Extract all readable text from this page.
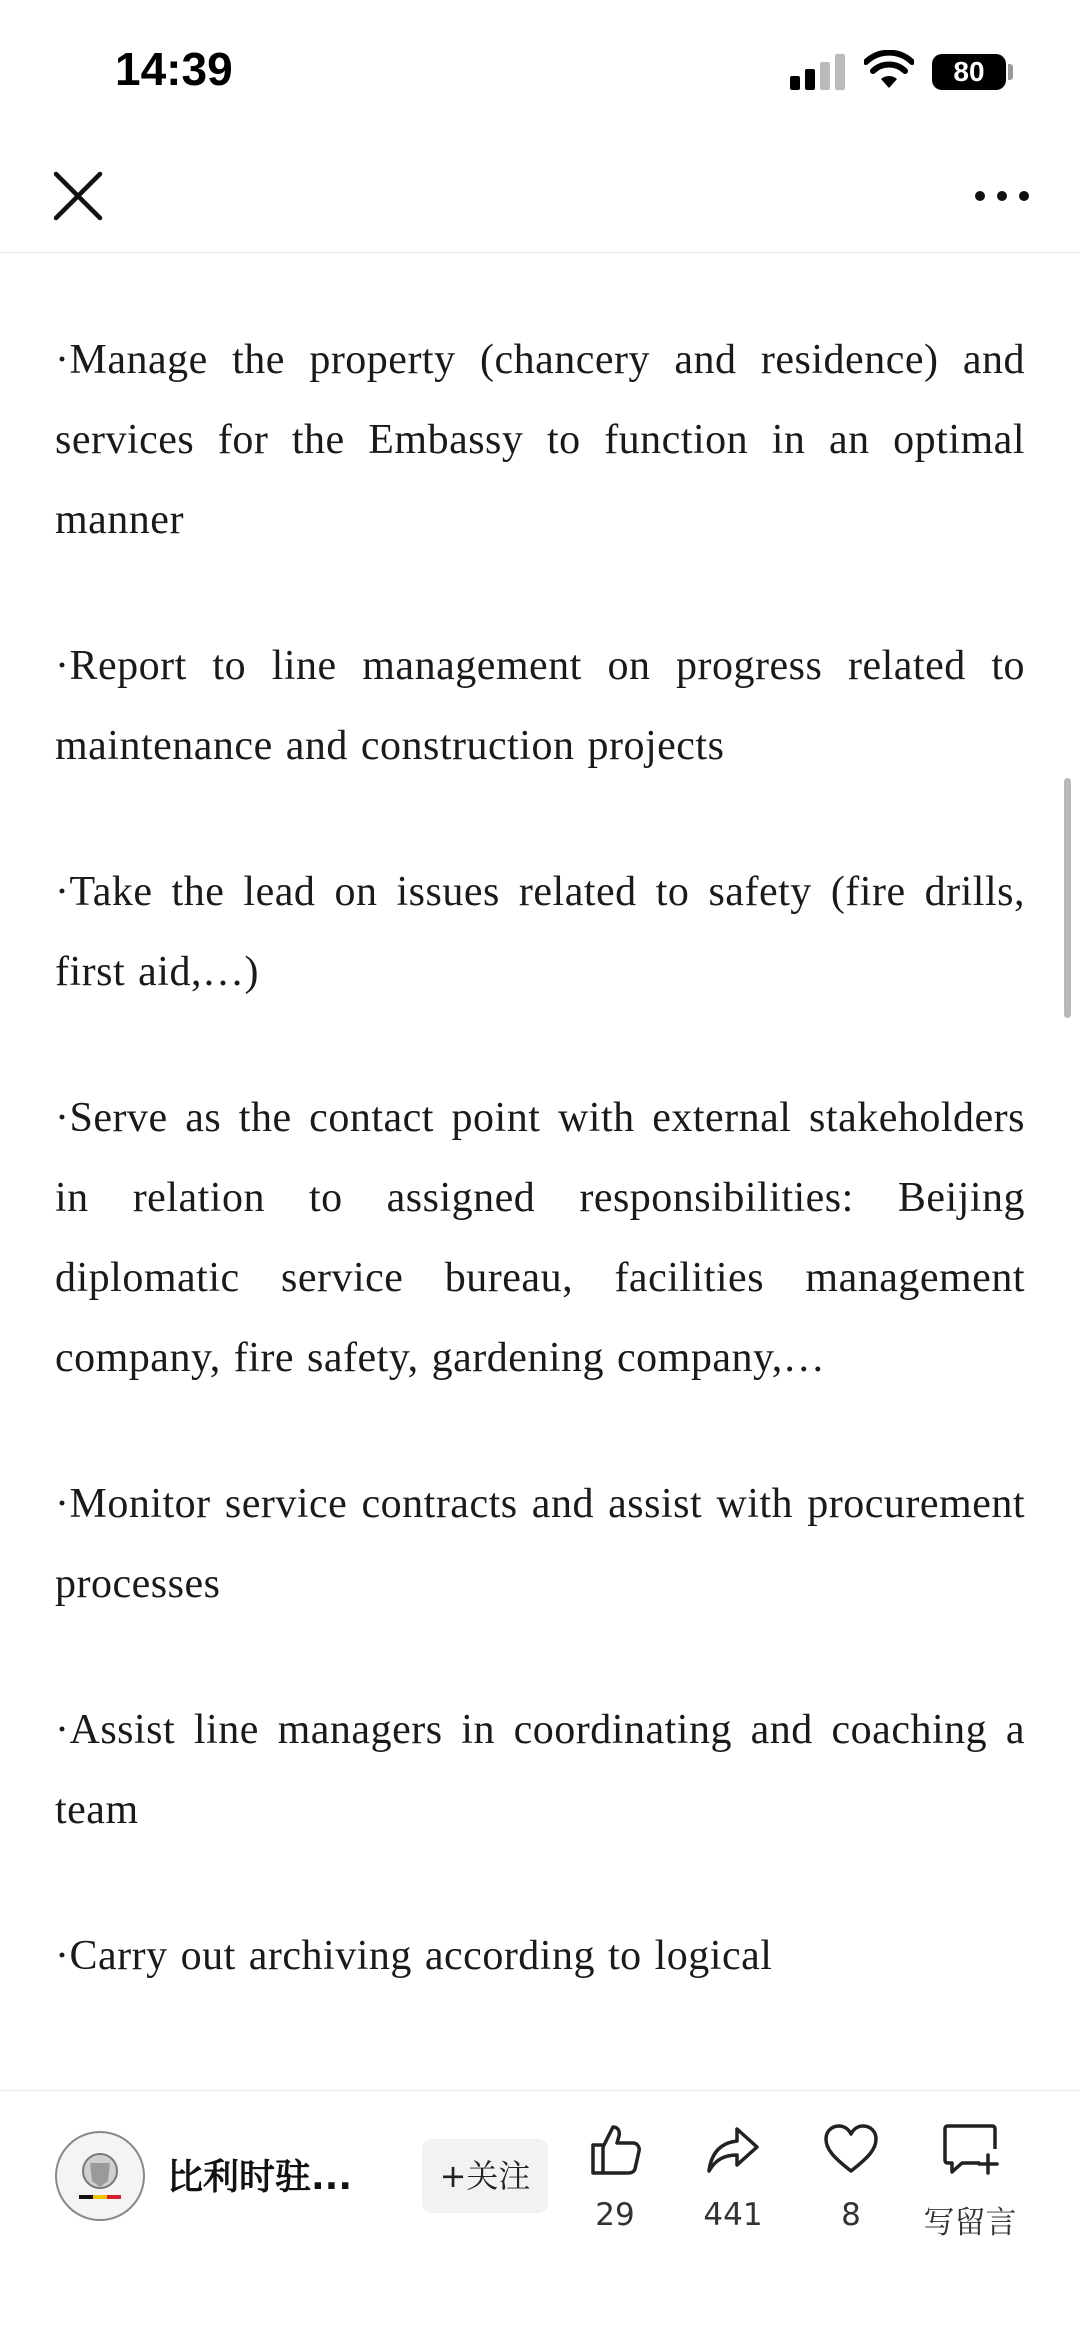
14:39	80

·Manage the property (chancery and residence) and services for the Embassy to function in an optimal manner

·Report to line management on progress related to maintenance and construction projects

·Take the lead on issues related to safety (fire drills, first aid,…)

·Serve as the contact point with external stakeholders in relation to assigned responsibilities: Beijing diplomatic service bureau, facilities management company, fire safety, gardening company,…

·Monitor service contracts and assist with procurement processes

·Assist line managers in coordinating and coaching a team

·Carry out archiving according to logical

比利时驻...	+关注
29	441	8	写留言
